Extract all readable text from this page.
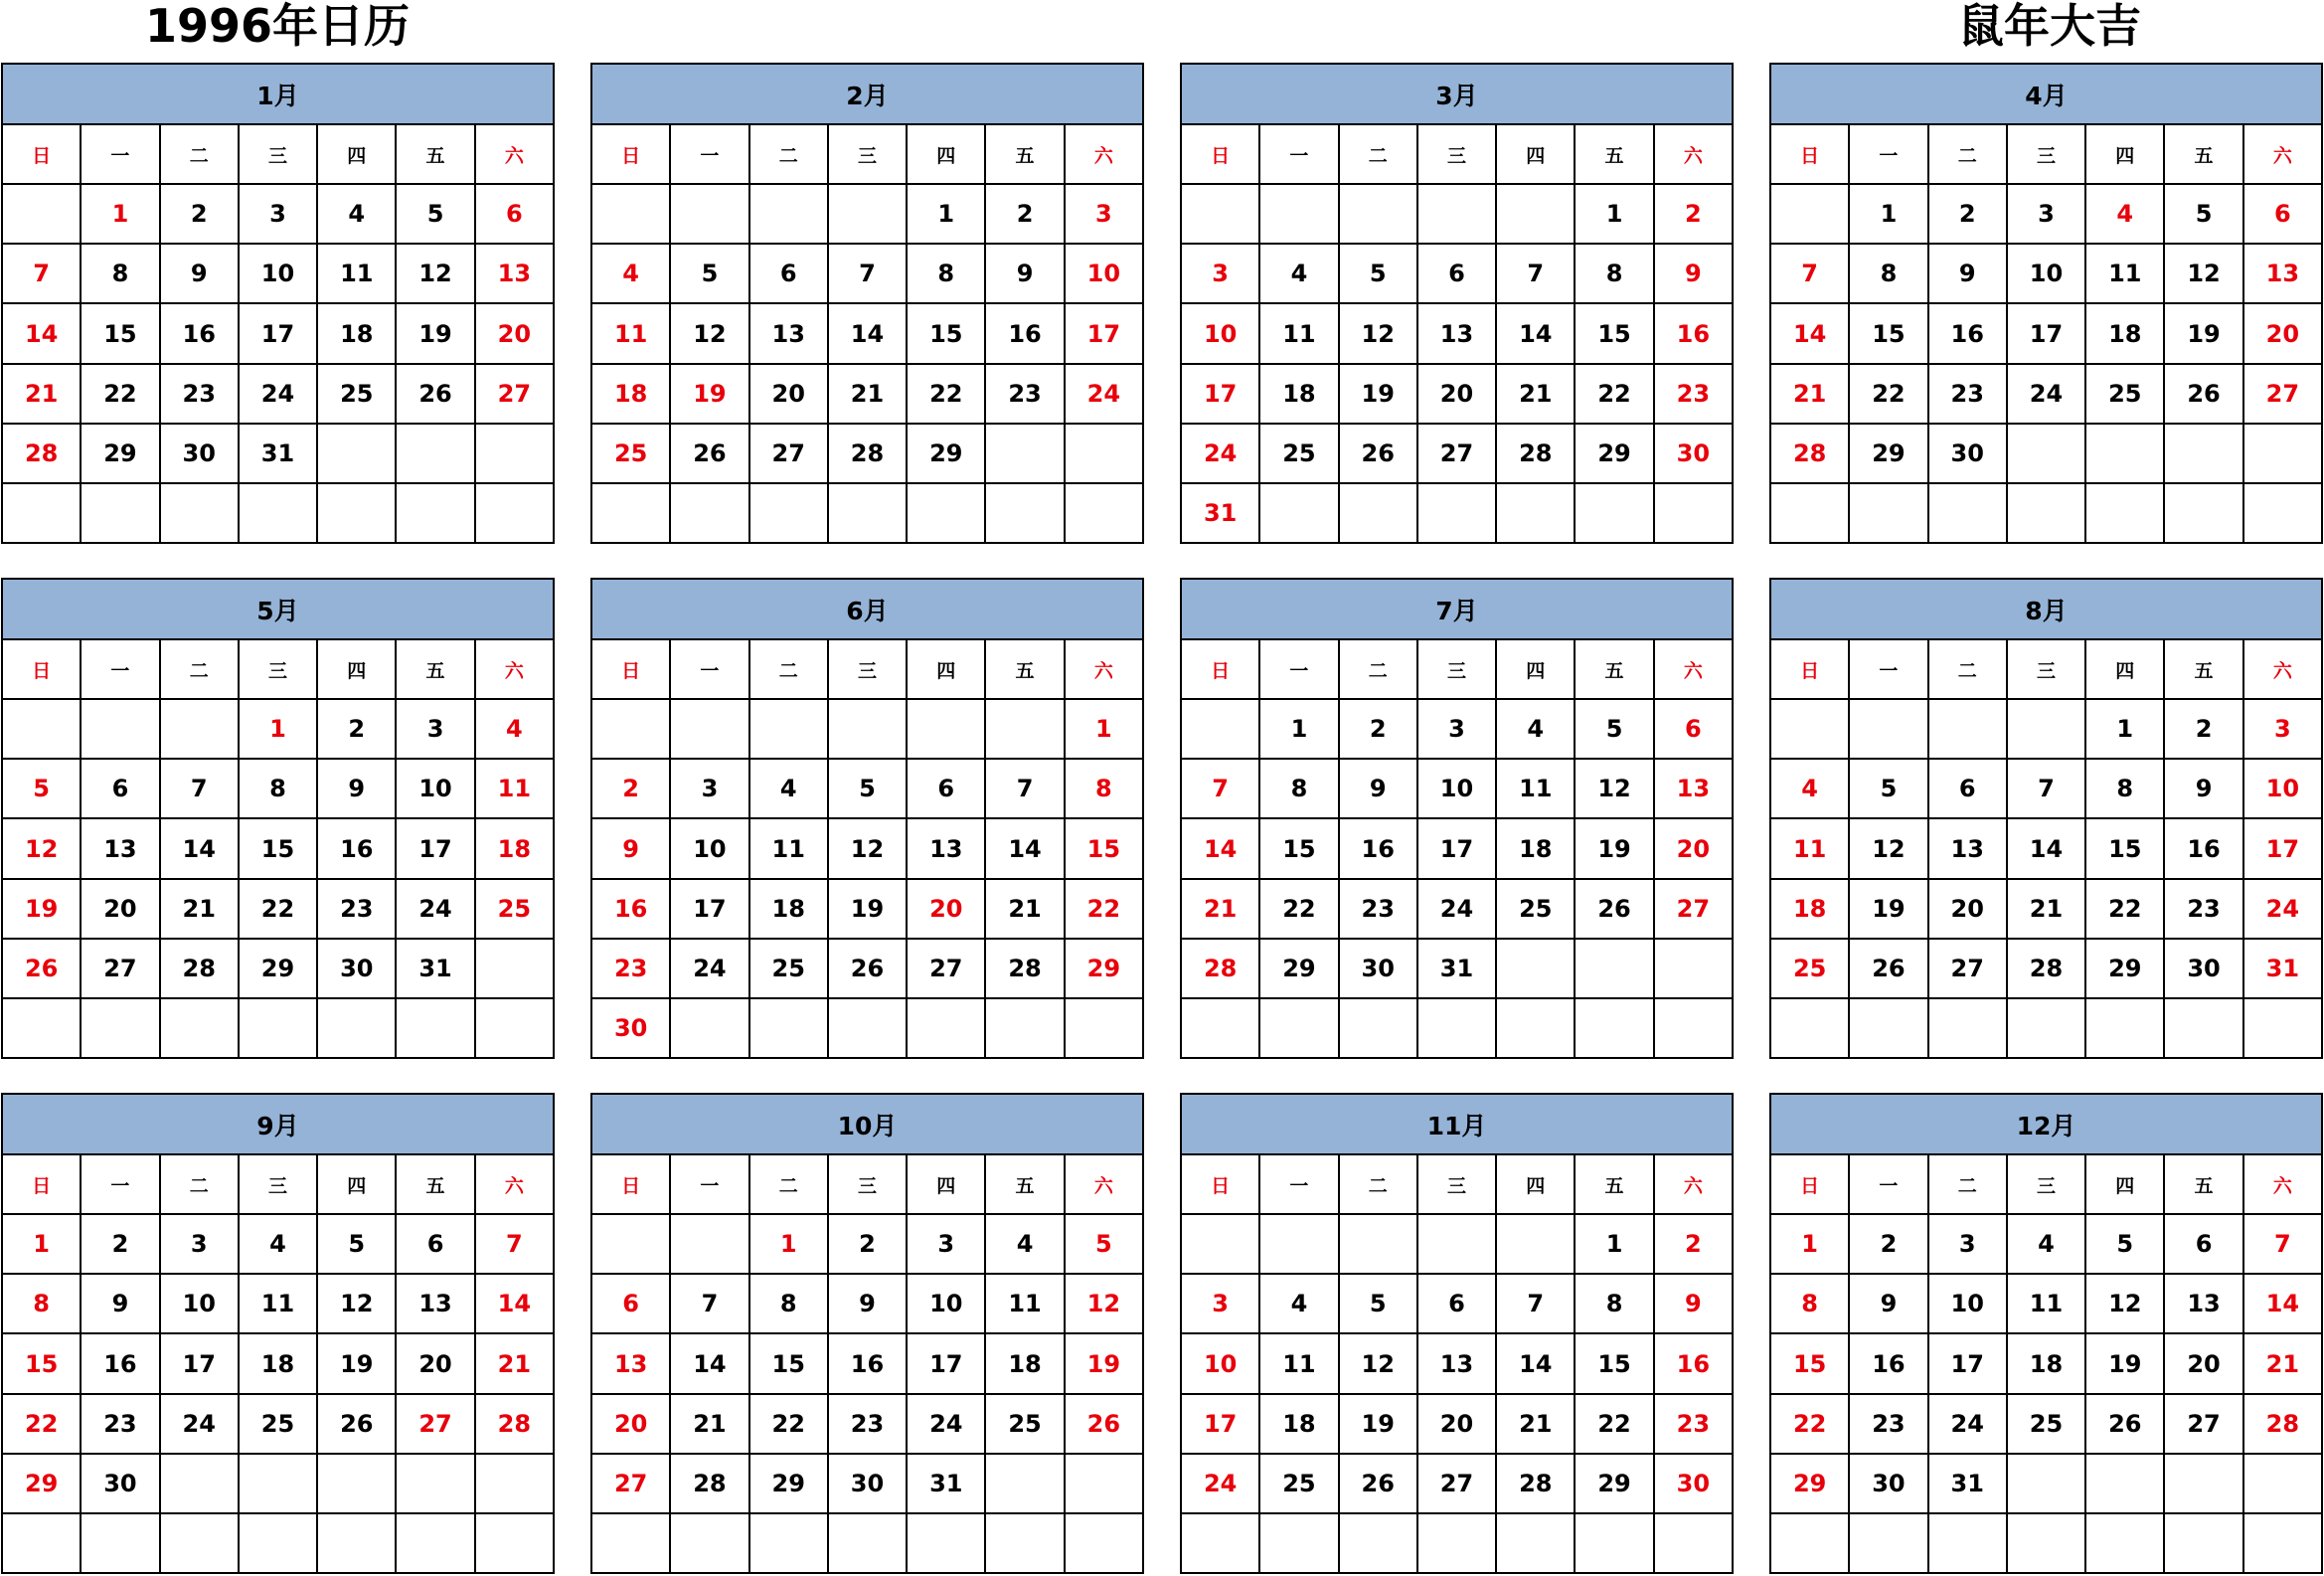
1996年日历	鼠年大吉
1月						
日	一	二	三	四	五	六
	1	2	3	4	5	6
7	8	9	10	11	12	13
14	15	16	17	18	19	20
21	22	23	24	25	26	27
28	29	30	31			

2月						
日	一	二	三	四	五	六
				1	2	3
4	5	6	7	8	9	10
11	12	13	14	15	16	17
18	19	20	21	22	23	24
25	26	27	28	29		

3月						
日	一	二	三	四	五	六
					1	2
3	4	5	6	7	8	9
10	11	12	13	14	15	16
17	18	19	20	21	22	23
24	25	26	27	28	29	30
31						
4月						
日	一	二	三	四	五	六
	1	2	3	4	5	6
7	8	9	10	11	12	13
14	15	16	17	18	19	20
21	22	23	24	25	26	27
28	29	30				

5月						
日	一	二	三	四	五	六
			1	2	3	4
5	6	7	8	9	10	11
12	13	14	15	16	17	18
19	20	21	22	23	24	25
26	27	28	29	30	31	

6月						
日	一	二	三	四	五	六
						1
2	3	4	5	6	7	8
9	10	11	12	13	14	15
16	17	18	19	20	21	22
23	24	25	26	27	28	29
30						
7月						
日	一	二	三	四	五	六
	1	2	3	4	5	6
7	8	9	10	11	12	13
14	15	16	17	18	19	20
21	22	23	24	25	26	27
28	29	30	31			

8月						
日	一	二	三	四	五	六
				1	2	3
4	5	6	7	8	9	10
11	12	13	14	15	16	17
18	19	20	21	22	23	24
25	26	27	28	29	30	31

9月						
日	一	二	三	四	五	六
1	2	3	4	5	6	7
8	9	10	11	12	13	14
15	16	17	18	19	20	21
22	23	24	25	26	27	28
29	30					

10月						
日	一	二	三	四	五	六
		1	2	3	4	5
6	7	8	9	10	11	12
13	14	15	16	17	18	19
20	21	22	23	24	25	26
27	28	29	30	31		

11月						
日	一	二	三	四	五	六
					1	2
3	4	5	6	7	8	9
10	11	12	13	14	15	16
17	18	19	20	21	22	23
24	25	26	27	28	29	30

12月						
日	一	二	三	四	五	六
1	2	3	4	5	6	7
8	9	10	11	12	13	14
15	16	17	18	19	20	21
22	23	24	25	26	27	28
29	30	31				
